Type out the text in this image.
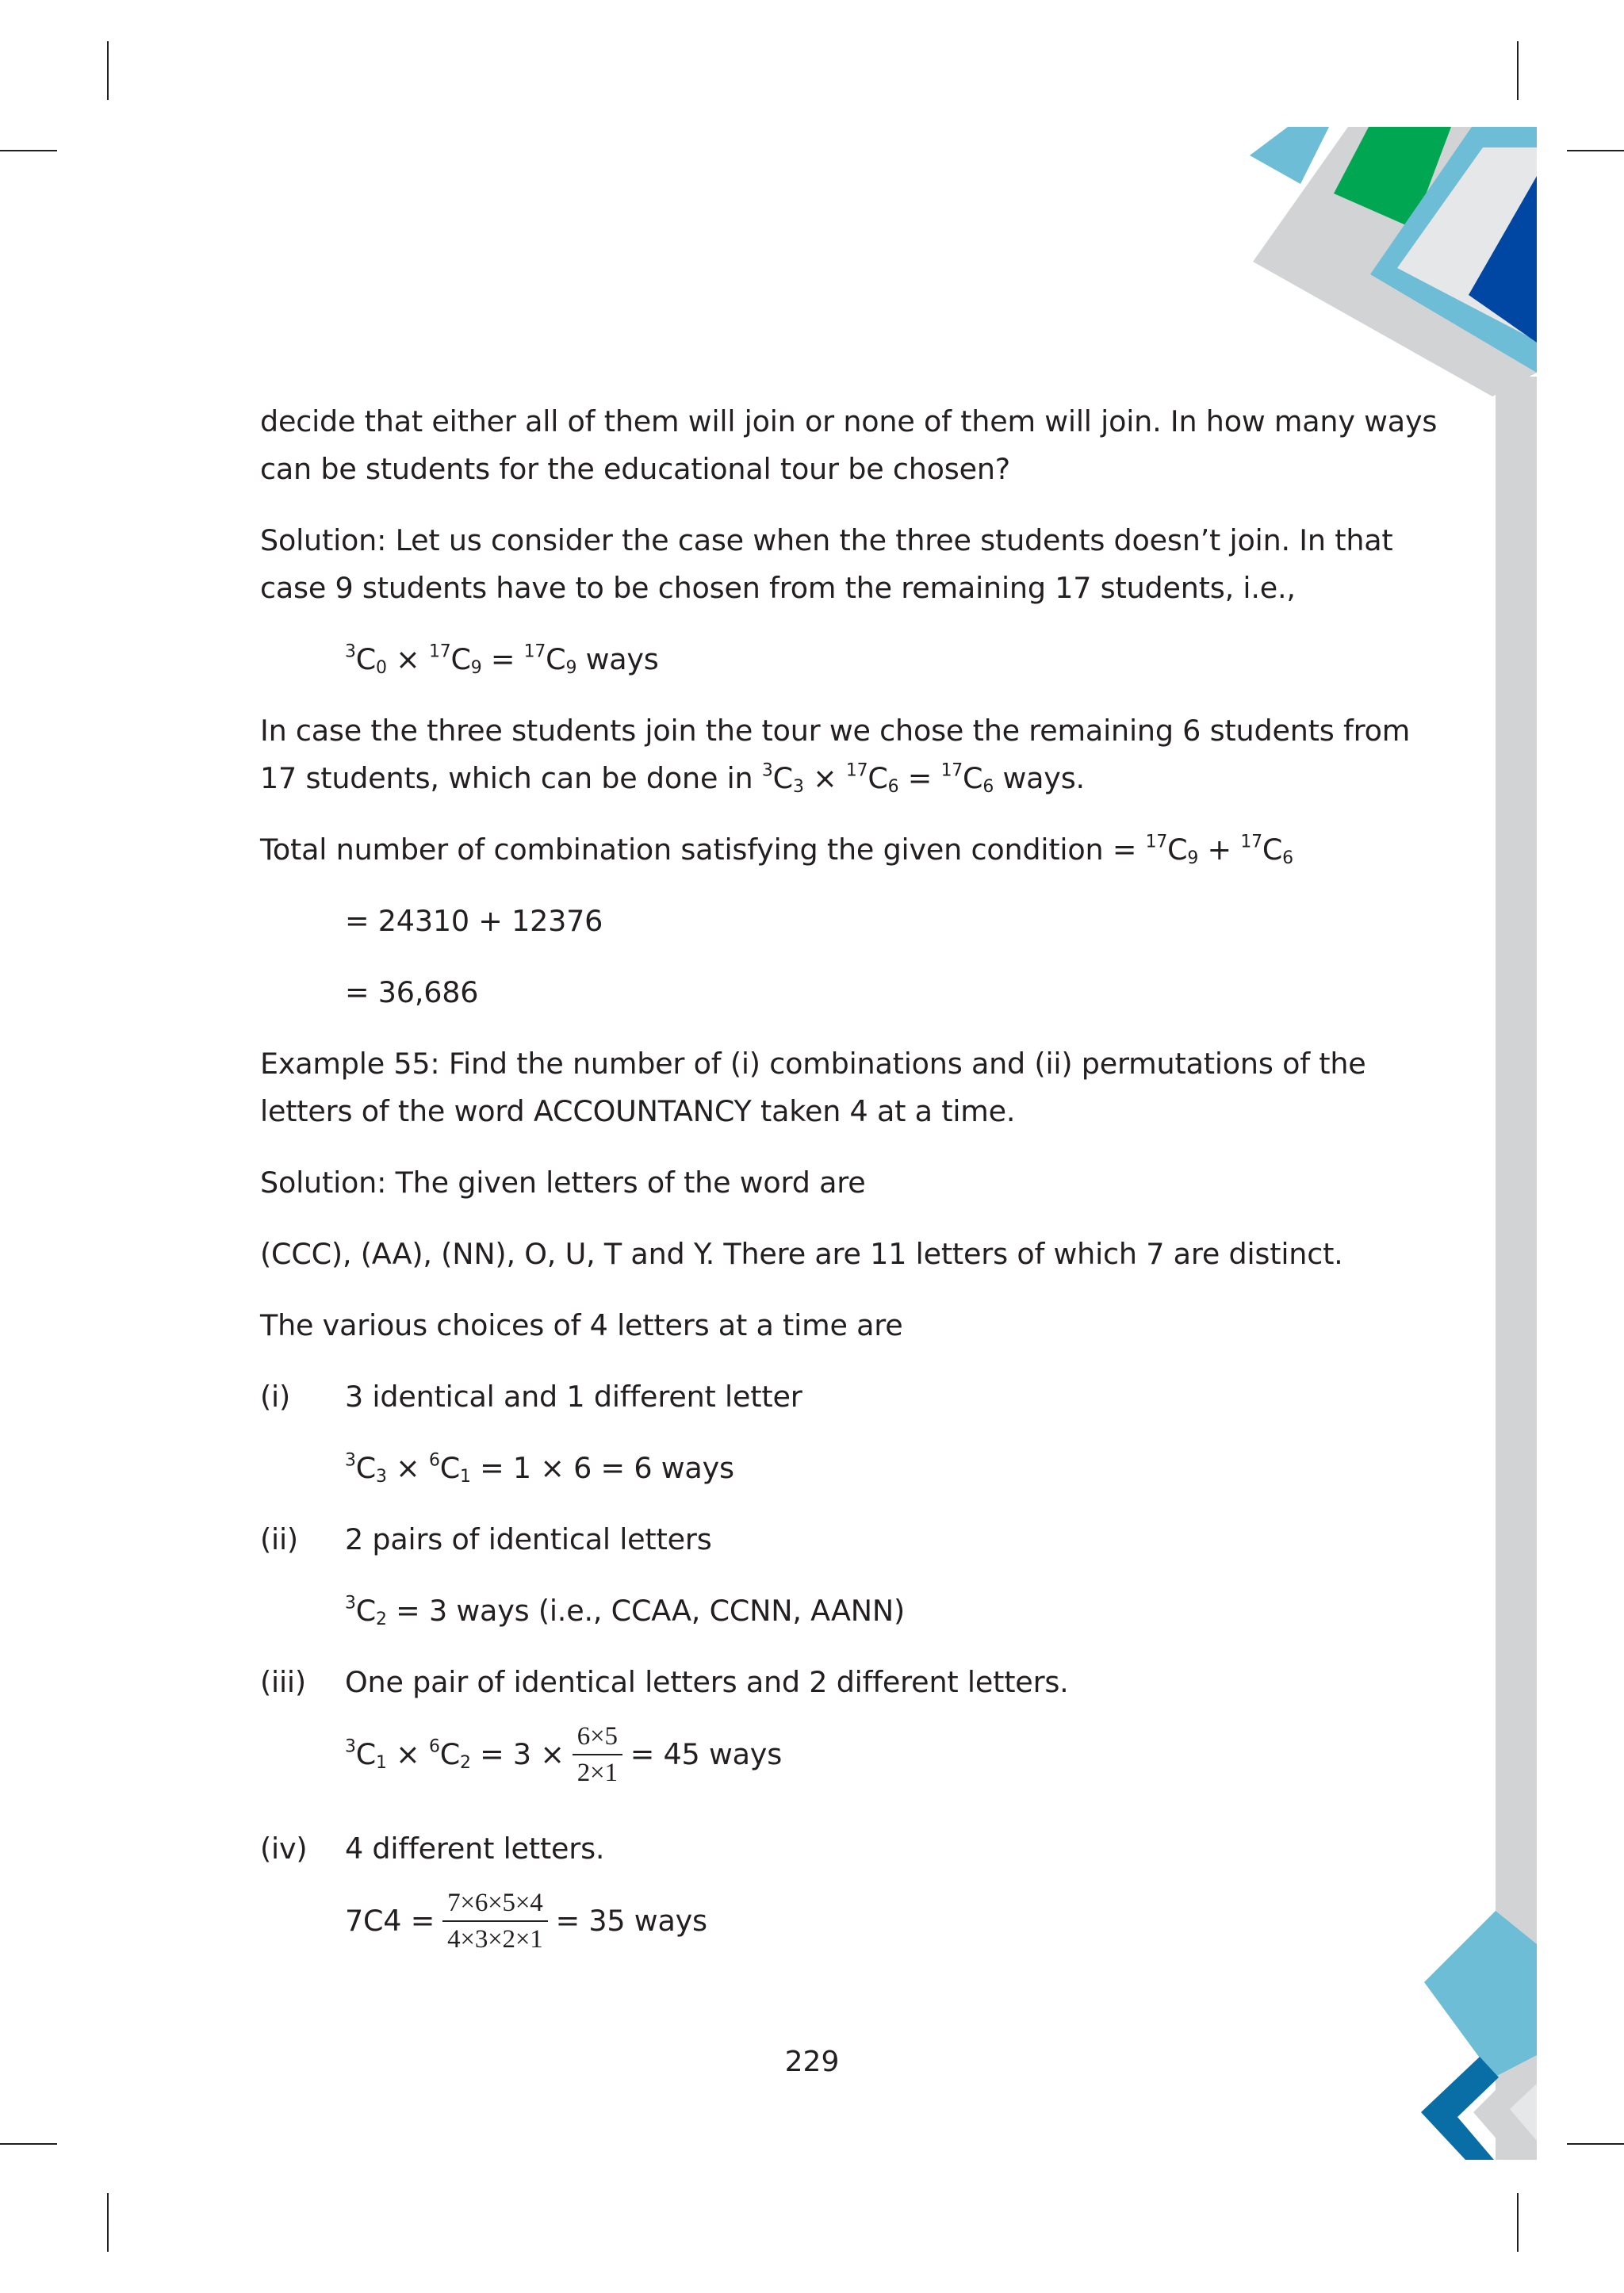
decide that either all of them will join or none of them will join. In how many ways
can be students for the educational tour be chosen?
Solution: Let us consider the case when the three students doesn’t join. In that
case 9 students have to be chosen from the remaining 17 students, i.e.,
$^3C_0 \times ^{17}C_9 = ^{17}C_9$ ways
In case the three students join the tour we chose the remaining 6 students from
17 students, which can be done in $^3C_3 \times ^{17}C_6 = ^{17}C_6$ ways.
Total number of combination satisfying the given condition = $^{17}C_9 + ^{17}C_6$
= 24310 + 12376
= 36,686
Example 55: Find the number of (i) combinations and (ii) permutations of the
letters of the word ACCOUNTANCY taken 4 at a time.
Solution: The given letters of the word are
(CCC), (AA), (NN), O, U, T and Y. There are 11 letters of which 7 are distinct.
The various choices of 4 letters at a time are
(i) 3 identical and 1 different letter
$^3C_3 \times ^6C_1 = 1 \times 6 = 6$ ways
(ii) 2 pairs of identical letters
$^3C_2 = 3$ ways (i.e., CCAA, CCNN, AANN)
(iii) One pair of identical letters and 2 different letters.
$^3C_1 \times ^6C_2 = 3 \times \frac{6\times 5}{2\times 1} = 45$ ways
(iv) 4 different letters.
$7C4 = \frac{7\times 6\times 5\times 4}{4\times 3\times 2\times 1} = 35$ ways
229
